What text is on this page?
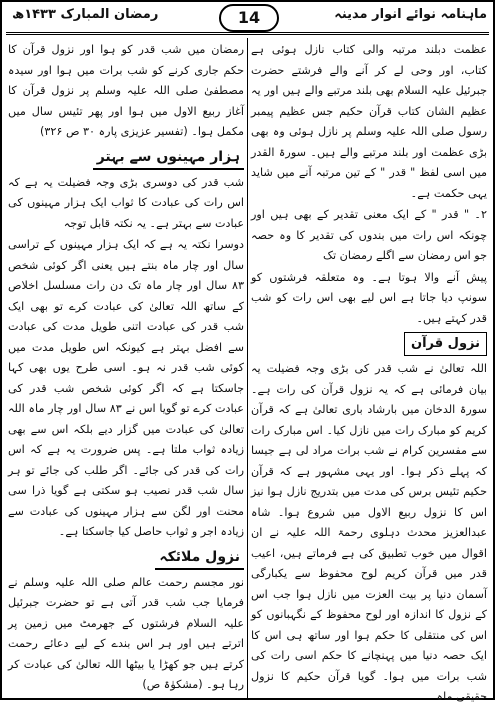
ماہنامہ نوائے انوار مدینہ
14
رمضان المبارک ۱۴۳۳ھ

عظمت دبلند مرتبہ والی کتاب نازل ہوئی ہے کتاب، اور وحی لے کر آنے والے فرشتے حضرت جبرئیل علیہ السلام بھی بلند مرتبے والے ہیں اور یہ عظیم الشان کتاب قرآن حکیم جس عظیم پیمبر رسول صلی اللہ علیہ وسلم پر نازل ہوئی وہ بھی بڑی عظمت اور بلند مرتبے والے ہیں۔ سورۃ القدر میں اسی لفظ " قدر " کے تین مرتبہ آنے میں شاید یہی حکمت ہے۔

۲۔ " قدر " کے ایک معنی تقدیر کے بھی ہیں اور چونکہ اس رات میں بندوں کی تقدیر کا وہ حصہ جو اس رمضان سے اگلے رمضان تک

پیش آنے والا ہوتا ہے۔ وہ متعلقہ فرشتوں کو سونپ دیا جاتا ہے اس لیے بھی اس رات کو شب قدر کہتے ہیں۔

نزول قرآن

اللہ تعالیٰ نے شب قدر کی بڑی وجہ فضیلت یہ بیان فرمائی ہے کہ یہ نزول قرآن کی رات ہے۔ سورۃ الدخان میں بارشاد باری تعالیٰ ہے کہ قرآن کریم کو مبارک رات میں نازل کیا۔ اس مبارک رات سے مفسرین کرام نے شب برات مراد لی ہے جیسا کہ پہلے ذکر ہوا۔ اور یہی مشہور ہے کہ قرآن حکیم تئیس برس کی مدت میں بتدریج نازل ہوا نیز اس کا نزول ربیع الاول میں شروع ہوا۔ شاہ عبدالعزیز محدث دہلوی رحمۃ اللہ علیہ نے ان اقوال میں خوب تطبیق کی ہے فرماتے ہیں، اعیب قدر میں قرآن کریم لوح محفوظ سے یکبارگی آسمان دنیا پر بیت العزت میں نازل ہوا جب اس کے نزول کا اندازہ اور لوح محفوظ کے نگہبانوں کو اس کی منتقلی کا حکم ہوا اور ساتھ ہی اس کا ایک حصہ دنیا میں پہنچانے کا حکم اسی رات کی شب برات میں ہوا۔ گویا قرآن حکیم کا نزول حقیقی ماہ

رمضان میں شب قدر کو ہوا اور نزول قرآن کا حکم جاری کرنے کو شب برات میں ہوا اور سیدہ مصطفیٰ صلی اللہ علیہ وسلم پر نزول قرآن کا آغاز ربیع الاول میں ہوا اور پھر تئیس سال میں مکمل ہوا۔ (تفسیر عزیزی پارہ ۳۰ ص ۳۲۶)

ہزار مہینوں سے بہتر

شب قدر کی دوسری بڑی وجہ فضیلت یہ ہے کہ اس رات کی عبادت کا ثواب ایک ہزار مہینوں کی عبادت سے بہتر ہے۔ یہ نکتہ قابل توجہ

دوسرا نکتہ یہ ہے کہ ایک ہزار مہینوں کے تراسی سال اور چار ماہ بنتے ہیں یعنی اگر کوئی شخص ۸۳ سال اور چار ماہ تک دن رات مسلسل اخلاص کے ساتھ اللہ تعالیٰ کی عبادت کرے تو بھی ایک شب قدر کی عبادت اتنی طویل مدت کی عبادت سے افضل بہتر ہے کیونکہ اس طویل مدت میں کوئی شب قدر نہ ہو۔ اسی طرح یوں بھی کہا جاسکتا ہے کہ اگر کوئی شخص شب قدر کی عبادت کرے تو گویا اس نے ۸۳ سال اور چار ماہ اللہ تعالیٰ کی عبادت میں گزار دیے بلکہ اس سے بھی زیادہ ثواب ملتا ہے۔ پس ضرورت یہ ہے کہ اس رات کی قدر کی جائے۔ اگر طلب کی جائے تو ہر سال شب قدر نصیب ہو سکتی ہے گویا ذرا سی محنت اور لگن سے ہزار مہینوں کی عبادت سے زیادہ اجر و ثواب حاصل کیا جاسکتا ہے۔

نزول ملائکہ

نور مجسم رحمت عالم صلی اللہ علیہ وسلم نے فرمایا جب شب قدر آتی ہے تو حضرت جبرئیل علیہ السلام فرشتوں کے جھرمٹ میں زمین پر اترتے ہیں اور ہر اس بندے کے لیے دعائے رحمت کرتے ہیں جو کھڑا یا بیٹھا اللہ تعالیٰ کی عبادت کر رہا ہو۔ (مشکوٰۃ ص)
